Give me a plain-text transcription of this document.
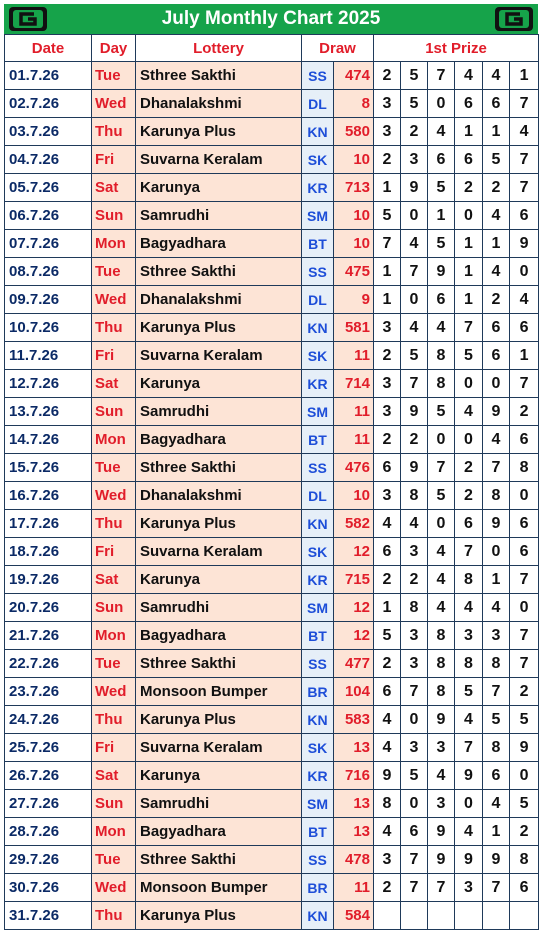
July Monthly Chart 2025
Date	Day	Lottery	Draw		1st Prize					
01.7.26	Tue	Sthree Sakthi	SS	474	2	5	7	4	4	1
02.7.26	Wed	Dhanalakshmi	DL	8	3	5	0	6	6	7
03.7.26	Thu	Karunya Plus	KN	580	3	2	4	1	1	4
04.7.26	Fri	Suvarna Keralam	SK	10	2	3	6	6	5	7
05.7.26	Sat	Karunya	KR	713	1	9	5	2	2	7
06.7.26	Sun	Samrudhi	SM	10	5	0	1	0	4	6
07.7.26	Mon	Bagyadhara	BT	10	7	4	5	1	1	9
08.7.26	Tue	Sthree Sakthi	SS	475	1	7	9	1	4	0
09.7.26	Wed	Dhanalakshmi	DL	9	1	0	6	1	2	4
10.7.26	Thu	Karunya Plus	KN	581	3	4	4	7	6	6
11.7.26	Fri	Suvarna Keralam	SK	11	2	5	8	5	6	1
12.7.26	Sat	Karunya	KR	714	3	7	8	0	0	7
13.7.26	Sun	Samrudhi	SM	11	3	9	5	4	9	2
14.7.26	Mon	Bagyadhara	BT	11	2	2	0	0	4	6
15.7.26	Tue	Sthree Sakthi	SS	476	6	9	7	2	7	8
16.7.26	Wed	Dhanalakshmi	DL	10	3	8	5	2	8	0
17.7.26	Thu	Karunya Plus	KN	582	4	4	0	6	9	6
18.7.26	Fri	Suvarna Keralam	SK	12	6	3	4	7	0	6
19.7.26	Sat	Karunya	KR	715	2	2	4	8	1	7
20.7.26	Sun	Samrudhi	SM	12	1	8	4	4	4	0
21.7.26	Mon	Bagyadhara	BT	12	5	3	8	3	3	7
22.7.26	Tue	Sthree Sakthi	SS	477	2	3	8	8	8	7
23.7.26	Wed	Monsoon Bumper	BR	104	6	7	8	5	7	2
24.7.26	Thu	Karunya Plus	KN	583	4	0	9	4	5	5
25.7.26	Fri	Suvarna Keralam	SK	13	4	3	3	7	8	9
26.7.26	Sat	Karunya	KR	716	9	5	4	9	6	0
27.7.26	Sun	Samrudhi	SM	13	8	0	3	0	4	5
28.7.26	Mon	Bagyadhara	BT	13	4	6	9	4	1	2
29.7.26	Tue	Sthree Sakthi	SS	478	3	7	9	9	9	8
30.7.26	Wed	Monsoon Bumper	BR	11	2	7	7	3	7	6
31.7.26	Thu	Karunya Plus	KN	584						
